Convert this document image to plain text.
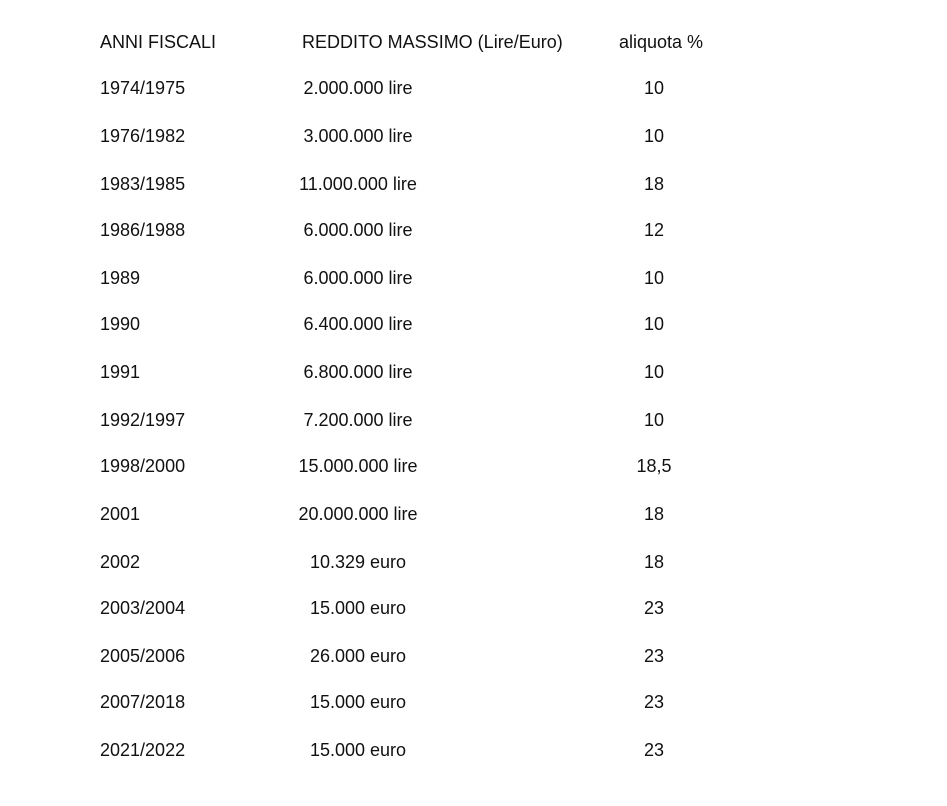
ANNI FISCALI	REDDITO MASSIMO (Lire/Euro)	aliquota %
1974/1975	2.000.000 lire	10
1976/1982	3.000.000 lire	10
1983/1985	11.000.000 lire	18
1986/1988	6.000.000 lire	12
1989	6.000.000 lire	10
1990	6.400.000 lire	10
1991	6.800.000 lire	10
1992/1997	7.200.000 lire	10
1998/2000	15.000.000 lire	18,5
2001	20.000.000 lire	18
2002	10.329 euro	18
2003/2004	15.000 euro	23
2005/2006	26.000 euro	23
2007/2018	15.000 euro	23
2021/2022	15.000 euro	23
